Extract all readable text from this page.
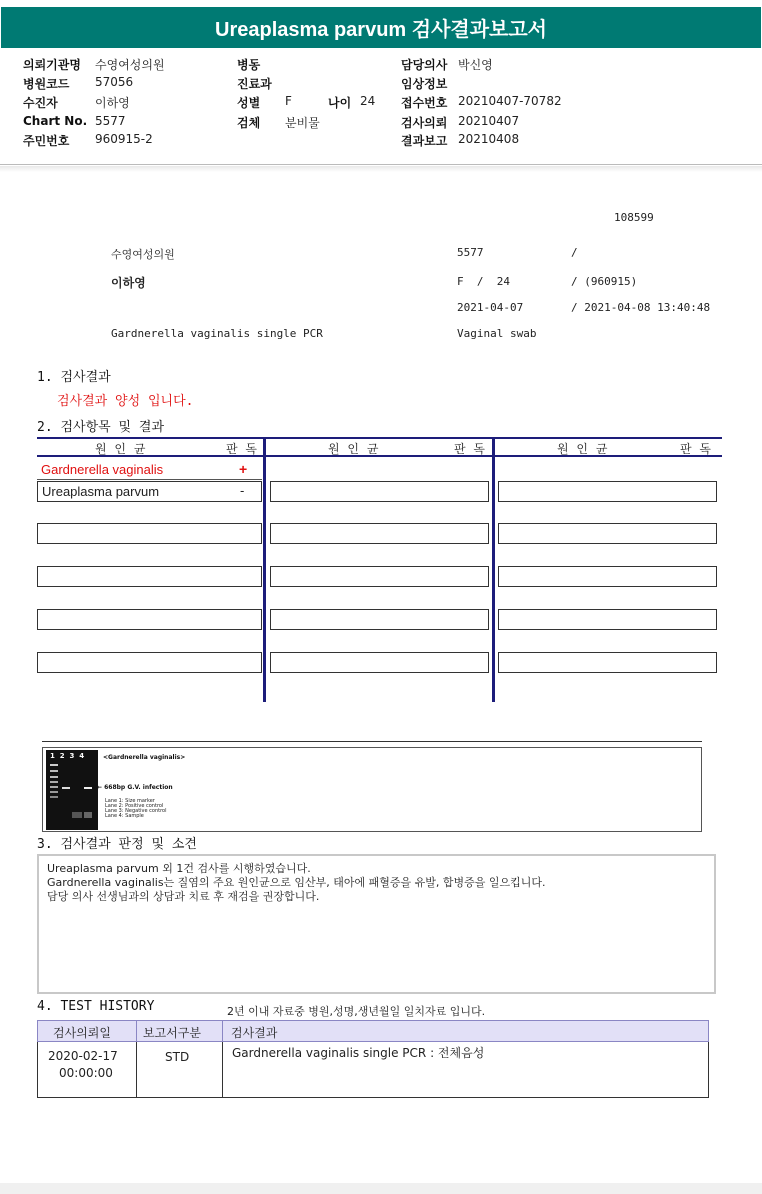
Ureaplasma parvum 검사결과보고서
의뢰기관명 수영여성의원
병원코드 57056
수진자	이하영
Chart No. 5577
주민번호 960915-2
병동
진료과
성별 F	나이 24
검체 분비물
담당의사 박신영
임상정보
접수번호 20210407-70782
검사의뢰 20210407
결과보고 20210408
108599
수영여성의원	5577	/
이하영	F  /  24	/ (960915)
2021-04-07	/ 2021-04-08 13:40:48
Gardnerella vaginalis single PCR	Vaginal swab
1. 검사결과
검사결과 양성 입니다.
2. 검사항목 및 결과
원 인 균	판 독	원 인 균	판 독	원 인 균	판 독
Gardnerella vaginalis	+
Ureaplasma parvum	-
1  2  3  4	<Gardnerella vaginalis>
← 668bp G.V. infection
Lane 1: Size marker
Lane 2: Positive control
Lane 3: Negative control
Lane 4: Sample
3. 검사결과 판정 및 소견
Ureaplasma parvum 외 1건 검사를 시행하였습니다.
Gardnerella vaginalis는 질염의 주요 원인균으로 임산부, 태아에 패혈증을 유발, 합병증을 일으킵니다.
담당 의사 선생님과의 상담과 치료 후 재검을 권장합니다.
4. TEST HISTORY	2년 이내 자료중 병원,성명,생년월일 일치자료 입니다.
검사의뢰일	보고서구분	검사결과
2020-02-17
00:00:00
STD	Gardnerella vaginalis single PCR : 전체음성
